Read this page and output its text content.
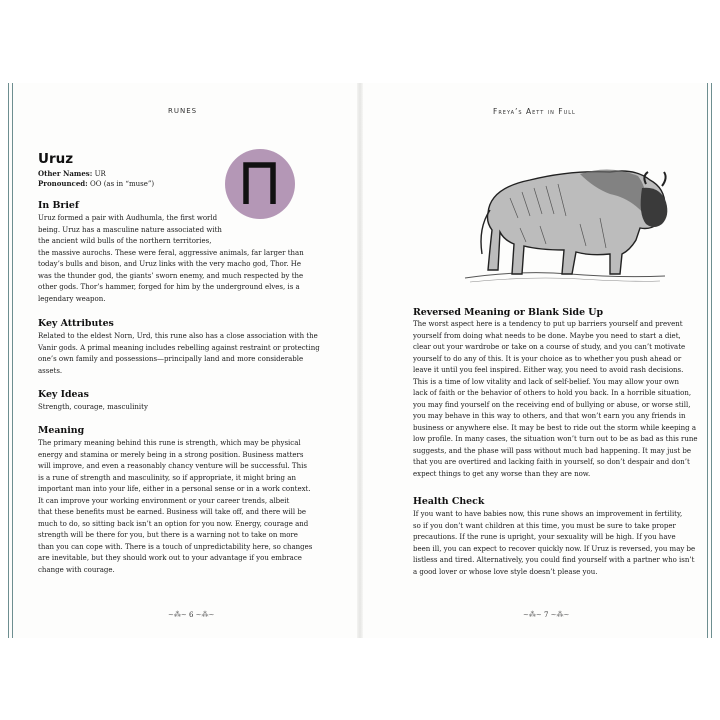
RUNES
Uruz

Other Names: UR

Pronounced: OO (as in “muse”)

In Brief
Uruz formed a pair with Audhumla, the first world
being. Uruz has a masculine nature associated with
the ancient wild bulls of the northern territories,
the massive aurochs. These were feral, aggressive animals, far larger than
today’s bulls and bison, and Uruz links with the very macho god, Thor. He
was the thunder god, the giants’ sworn enemy, and much respected by the
other gods. Thor’s hammer, forged for him by the underground elves, is a
legendary weapon.
Key Attributes
Related to the eldest Norn, Urd, this rune also has a close association with the
Vanir gods. A primal meaning includes rebelling against restraint or protecting
one’s own family and possessions—principally land and more considerable
assets.
Key Ideas
Strength, courage, masculinity
Meaning
The primary meaning behind this rune is strength, which may be physical
energy and stamina or merely being in a strong position. Business matters
will improve, and even a reasonably chancy venture will be successful. This
is a rune of strength and masculinity, so if appropriate, it might bring an
important man into your life, either in a personal sense or in a work context.
It can improve your working environment or your career trends, albeit
that these benefits must be earned. Business will take off, and there will be
much to do, so sitting back isn’t an option for you now. Energy, courage and
strength will be there for you, but there is a warning not to take on more
than you can cope with. There is a touch of unpredictability here, so changes
are inevitable, but they should work out to your advantage if you embrace
change with courage.
~⁂~ 6 ~⁂~
Freya’s Aett in Full
Reversed Meaning or Blank Side Up
The worst aspect here is a tendency to put up barriers yourself and prevent
yourself from doing what needs to be done. Maybe you need to start a diet,
clear out your wardrobe or take on a course of study, and you can’t motivate
yourself to do any of this. It is your choice as to whether you push ahead or
leave it until you feel inspired. Either way, you need to avoid rash decisions.
This is a time of low vitality and lack of self-belief. You may allow your own
lack of faith or the behavior of others to hold you back. In a horrible situation,
you may find yourself on the receiving end of bullying or abuse, or worse still,
you may behave in this way to others, and that won’t earn you any friends in
business or anywhere else. It may be best to ride out the storm while keeping a
low profile. In many cases, the situation won’t turn out to be as bad as this rune
suggests, and the phase will pass without much bad happening. It may just be
that you are overtired and lacking faith in yourself, so don’t despair and don’t
expect things to get any worse than they are now.
Health Check
If you want to have babies now, this rune shows an improvement in fertility,
so if you don’t want children at this time, you must be sure to take proper
precautions. If the rune is upright, your sexuality will be high. If you have
been ill, you can expect to recover quickly now. If Uruz is reversed, you may be
listless and tired. Alternatively, you could find yourself with a partner who isn’t
a good lover or whose love style doesn’t please you.
~⁂~ 7 ~⁂~
